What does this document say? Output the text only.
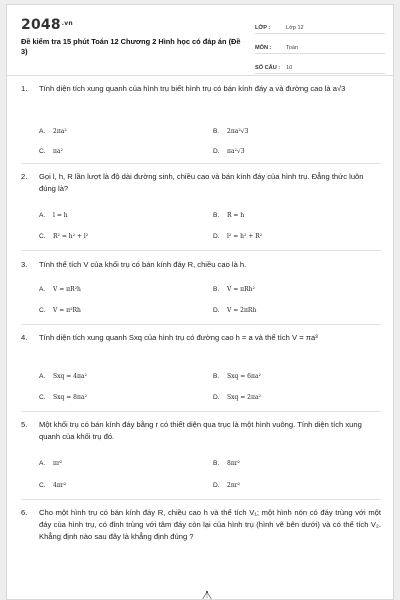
$2048^{.vn}$
Đề kiểm tra 15 phút Toán 12 Chương 2 Hình học có đáp án (Đề 3)
LỚP :	Lớp 12
MÔN :	Toán
SỐ CÂU :	10
1.	Tính diện tích xung quanh của hình trụ biết hình trụ có bán kính đáy a và đường cao là a√3
A.	2πa²	B.	2πa²√3
C.	πa²	D.	πa²√3
2.	Gọi l, h, R lần lượt là độ dài đường sinh, chiều cao và bán kính đáy của hình trụ. Đẳng thức luôn đúng là?
A.	l = h	B.	R = h
C.	R² = h² + l²	D.	l² = h² + R²
3.	Tính thể tích V của khối trụ có bán kính đáy R, chiều cao là h.
A.	V = πR²h	B.	V = πRh²
C.	V = π²Rh	D.	V = 2πRh
4.	Tính diện tích xung quanh Sxq của hình trụ có đường cao h = a và thể tích V = πa³
A.	Sxq = 4πa²	B.	Sxq = 6πa²
C.	Sxq = 8πa²	D.	Sxq = 2πa²
5.	Một khối trụ có bán kính đáy bằng r có thiết diện qua trục là một hình vuông. Tính diện tích xung quanh của khối trụ đó.
A.	πr²	B.	8πr²
C.	4πr²	D.	2πr²
6.	Cho một hình trụ có bán kính đáy R, chiều cao h và thể tích V₁; một hình nón có đáy trùng với một đáy của hình trụ, có đỉnh trùng với tâm đáy còn lại của hình trụ (hình vẽ bên dưới) và có thể tích V₂. Khẳng định nào sau đây là khẳng định đúng ?
